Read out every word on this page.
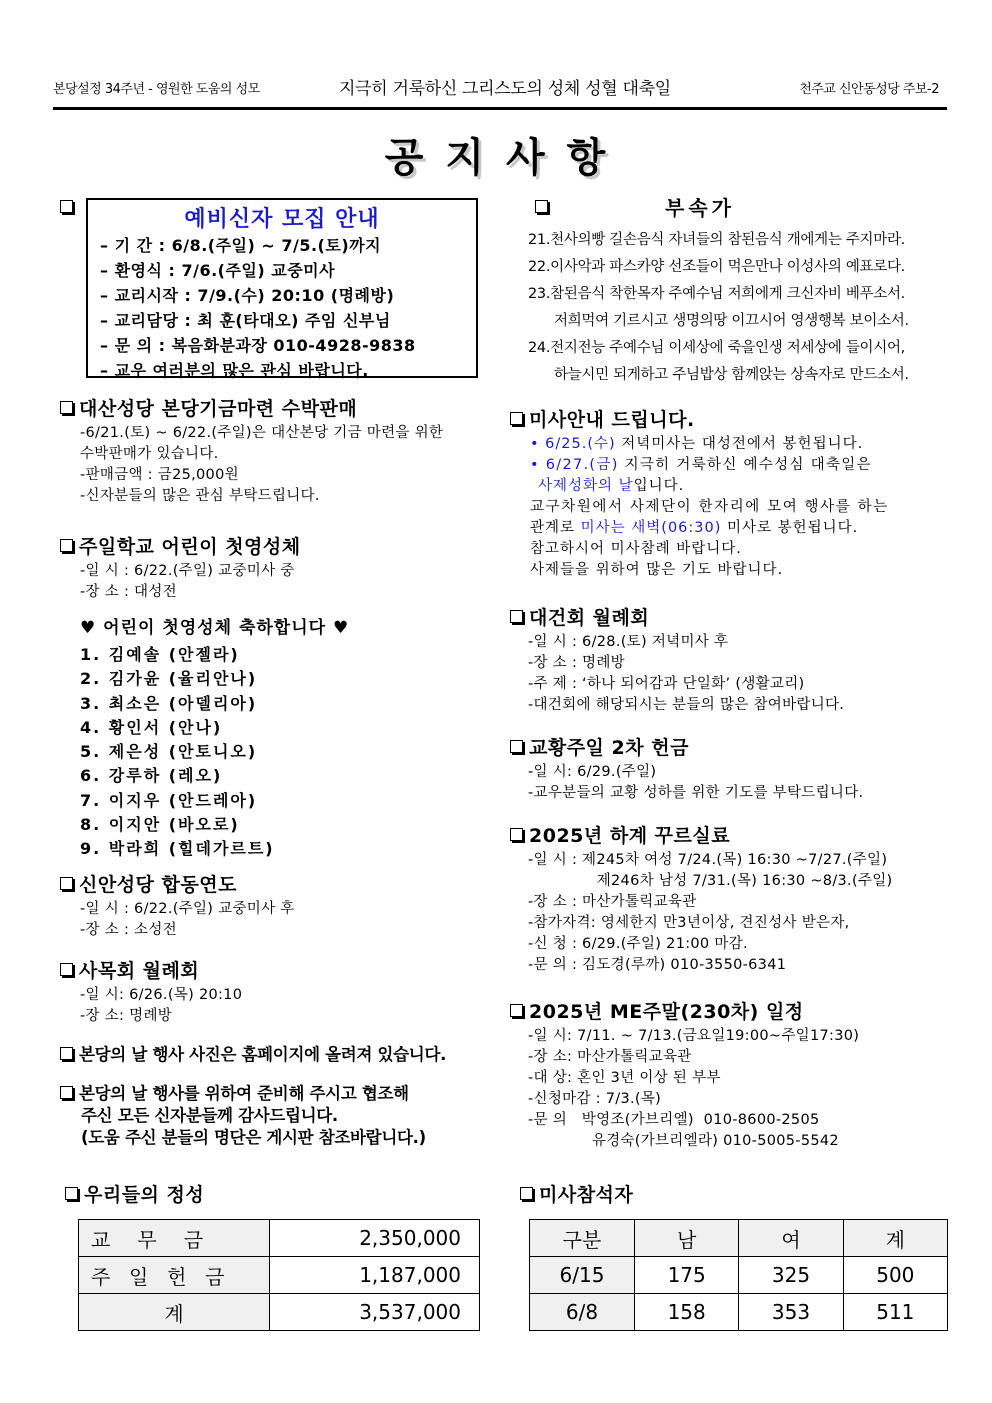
본당설정 34주년 - 영원한 도움의 성모	지극히 거룩하신 그리스도의 성체 성혈 대축일	천주교 신안동성당 주보-2
공지사항

예비신자 모집 안내
– 기 간 : 6/8.(주일) ~ 7/5.(토)까지
– 환영식 : 7/6.(주일) 교중미사
– 교리시작 : 7/9.(수) 20:10 (명례방)
– 교리담당 : 최 훈(타대오) 주임 신부님
– 문 의 : 복음화분과장 010-4928-9838
– 교우 여러분의 많은 관심 바랍니다.
부속가
21.천사의빵 길손음식 자녀들의 참된음식 개에게는 주지마라.
22.이사악과 파스카양 선조들이 먹은만나 이성사의 예표로다.
23.참된음식 착한목자 주예수님 저희에게 크신자비 베푸소서.
저희먹여 기르시고 생명의땅 이끄시어 영생행복 보이소서.
24.전지전능 주예수님 이세상에 죽을인생 저세상에 들이시어,
하늘시민 되게하고 주님밥상 함께앉는 상속자로 만드소서.
대산성당 본당기금마련 수박판매
-6/21.(토) ~ 6/22.(주일)은 대산본당 기금 마련을 위한
수박판매가 있습니다.
-판매금액 : 금25,000원
-신자분들의 많은 관심 부탁드립니다.
미사안내 드립니다.
• 6/25.(수) 저녁미사는 대성전에서 봉헌됩니다.
• 6/27.(금) 지극히 거룩하신 예수성심 대축일은
사제성화의 날입니다.
교구차원에서 사제단이 한자리에 모여 행사를 하는
관계로 미사는 새벽(06:30) 미사로 봉헌됩니다.
참고하시어 미사참례 바랍니다.
사제들을 위하여 많은 기도 바랍니다.
주일학교 어린이 첫영성체
-일 시 : 6/22.(주일) 교중미사 중
-장 소 : 대성전
♥ 어린이 첫영성체 축하합니다 ♥
1. 김예솔 (안젤라)
2. 김가윤 (율리안나)
3. 최소은 (아델리아)
4. 황인서 (안나)
5. 제은성 (안토니오)
6. 강루하 (레오)
7. 이지우 (안드레아)
8. 이지안 (바오로)
9. 박라희 (힐데가르트)
대건회 월례회
-일 시 : 6/28.(토) 저녁미사 후
-장 소 : 명례방
-주 제 : ‘하나 되어감과 단일화’ (생활교리)
-대건회에 해당되시는 분들의 많은 참여바랍니다.
교황주일 2차 헌금
-일 시: 6/29.(주일)
-교우분들의 교황 성하를 위한 기도를 부탁드립니다.
2025년 하계 꾸르실료
-일 시 : 제245차 여성 7/24.(목) 16:30 ~7/27.(주일)
제246차 남성 7/31.(목) 16:30 ~8/3.(주일)
-장 소 : 마산가톨릭교육관
-참가자격: 영세한지 만3년이상, 견진성사 받은자,
-신 청 : 6/29.(주일) 21:00 마감.
-문 의 : 김도경(루까) 010-3550-6341
신안성당 합동연도
-일 시 : 6/22.(주일) 교중미사 후
-장 소 : 소성전
사목회 월례회
-일 시: 6/26.(목) 20:10
-장 소: 명례방	2025년 ME주말(230차) 일정
-일 시: 7/11. ~ 7/13.(금요일19:00~주일17:30)
-장 소: 마산가톨릭교육관
-대 상: 혼인 3년 이상 된 부부
-신청마감 : 7/3.(목)
-문 의   박영조(가브리엘)  010-8600-2505
유경숙(가브리엘라) 010-5005-5542
본당의 날 행사 사진은 홈페이지에 올려져 있습니다.
본당의 날 행사를 위하여 준비해 주시고 협조해
주신 모든 신자분들께 감사드립니다.
(도움 주신 분들의 명단은 게시판 참조바랍니다.)
우리들의 정성
교   무   금	2,350,000
주  일  헌  금	1,187,000
계	3,537,000
미사참석자
구분	남	여	계
6/15	175	325	500
6/8	158	353	511
